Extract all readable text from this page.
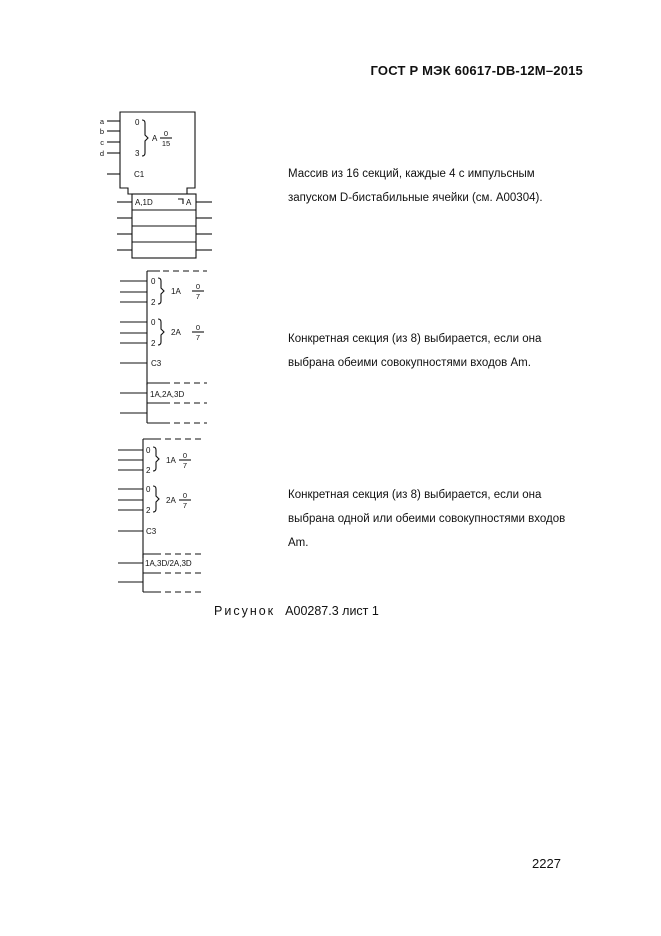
ГОСТ Р МЭК 60617-DB-12M–2015
a
b
c
d
0
3
A
0
15
C1
A,1D	A
0
2
1A
0
7
0
2
2A
0
7
C3
1A,2A,3D
0
2
1A
0
7
0
2
2A
0
7
C3
1A,3D/2A,3D
Массив из 16 секций, каждые 4 с импульсным запуском D-бистабильные ячейки (см. A00304).
Конкретная секция (из 8) выбирается, если она выбрана обеими совокупностями входов Am.
Конкретная секция (из 8) выбирается, если она выбрана одной или обеими совокупностями входов Am.
Рисунок A00287.3 лист 1
2227
